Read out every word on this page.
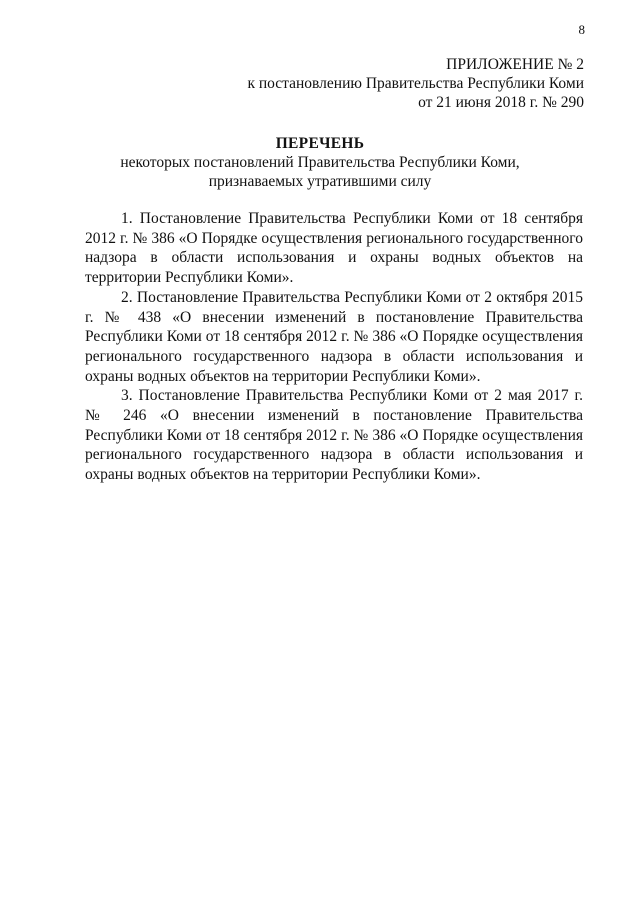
8
ПРИЛОЖЕНИЕ № 2
к постановлению Правительства Республики Коми
от 21 июня 2018 г. № 290
ПЕРЕЧЕНЬ
некоторых постановлений Правительства Республики Коми,
признаваемых утратившими силу

1. Постановление Правительства Республики Коми от 18 сентября 2012 г. № 386 «О Порядке осуществления регионального государственного надзора в области использования и охраны водных объектов на территории Республики Коми».

2. Постановление Правительства Республики Коми от 2 октября 2015 г. № 438 «О внесении изменений в постановление Правительства Республики Коми от 18 сентября 2012 г. № 386 «О Порядке осуществления регионального государственного надзора в области использования и охраны водных объектов на территории Республики Коми».

3. Постановление Правительства Республики Коми от 2 мая 2017 г. № 246 «О внесении изменений в постановление Правительства Республики Коми от 18 сентября 2012 г. № 386 «О Порядке осуществления регионального государственного надзора в области использования и охраны водных объектов на территории Республики Коми».
